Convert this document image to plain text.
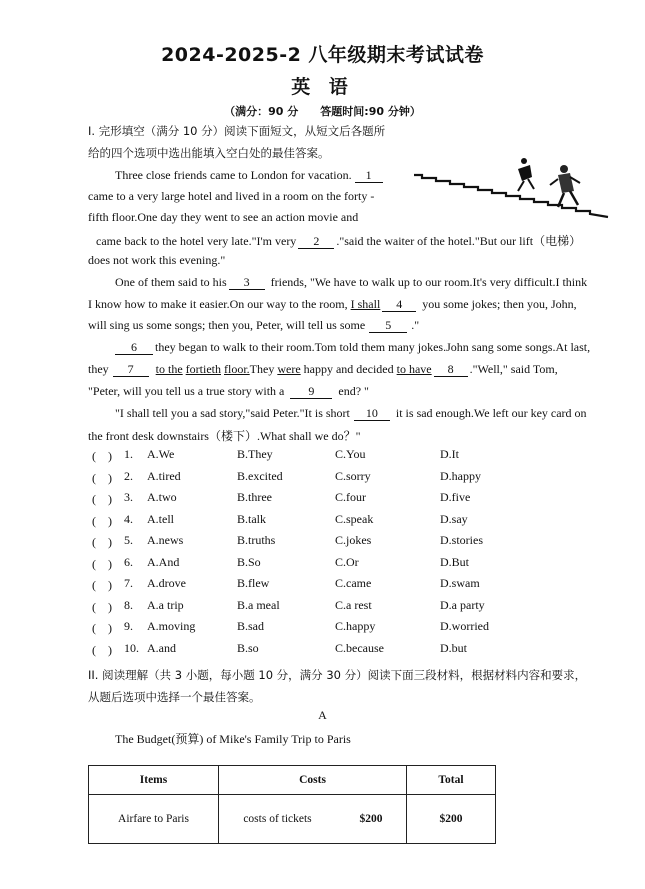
2024-2025-2 八年级期末考试试卷
英 语
（满分：90 分　　答题时间:90 分钟）
I. 完形填空（满分 10 分）阅读下面短文，从短文后各题所
给的四个选项中选出能填入空白处的最佳答案。
Three close friends came to London for vacation. 1
came to a very large hotel and lived in a room on the forty -
fifth floor.One day they went to see an action movie and
came back to the hotel very late."I'm very 2 ."said the waiter of the hotel."But our lift（电梯）
does not work this evening."
One of them said to his 3 friends, "We have to walk up to our room.It's very difficult.I think
I know how to make it easier.On our way to the room, I shall 4 you some jokes; then you, John,
will sing us some songs; then you, Peter, will tell us some 5 ."
6 they began to walk to their room.Tom told them many jokes.John sang some songs.At last,
they 7 to the fortieth floor.They were happy and decided to have 8 ."Well," said Tom,
"Peter, will you tell us a true story with a 9 end? "
"I shall tell you a sad story,"said Peter."It is short 10 it is sad enough.We left our key card on
the front desk downstairs（楼下）.What shall we do？"
(　) 1. A.We	B.They	C.You	D.It
(　) 2. A.tired	B.excited	C.sorry	D.happy
(　) 3. A.two	B.three	C.four	D.five
(　) 4. A.tell	B.talk	C.speak	D.say
(　) 5. A.news	B.truths	C.jokes	D.stories
(　) 6. A.And	B.So	C.Or	D.But
(　) 7. A.drove	B.flew	C.came	D.swam
(　) 8. A.a trip	B.a meal	C.a rest	D.a party
(　) 9. A.moving	B.sad	C.happy	D.worried
(　) 10. A.and	B.so	C.because	D.but
II. 阅读理解（共 3 小题，每小题 10 分，满分 30 分）阅读下面三段材料，根据材料内容和要求，
从题后选项中选择一个最佳答案。
A
The Budget(预算) of Mike's Family Trip to Paris
Items	Costs		Total
Airfare to Paris	costs of tickets	$200	$200
